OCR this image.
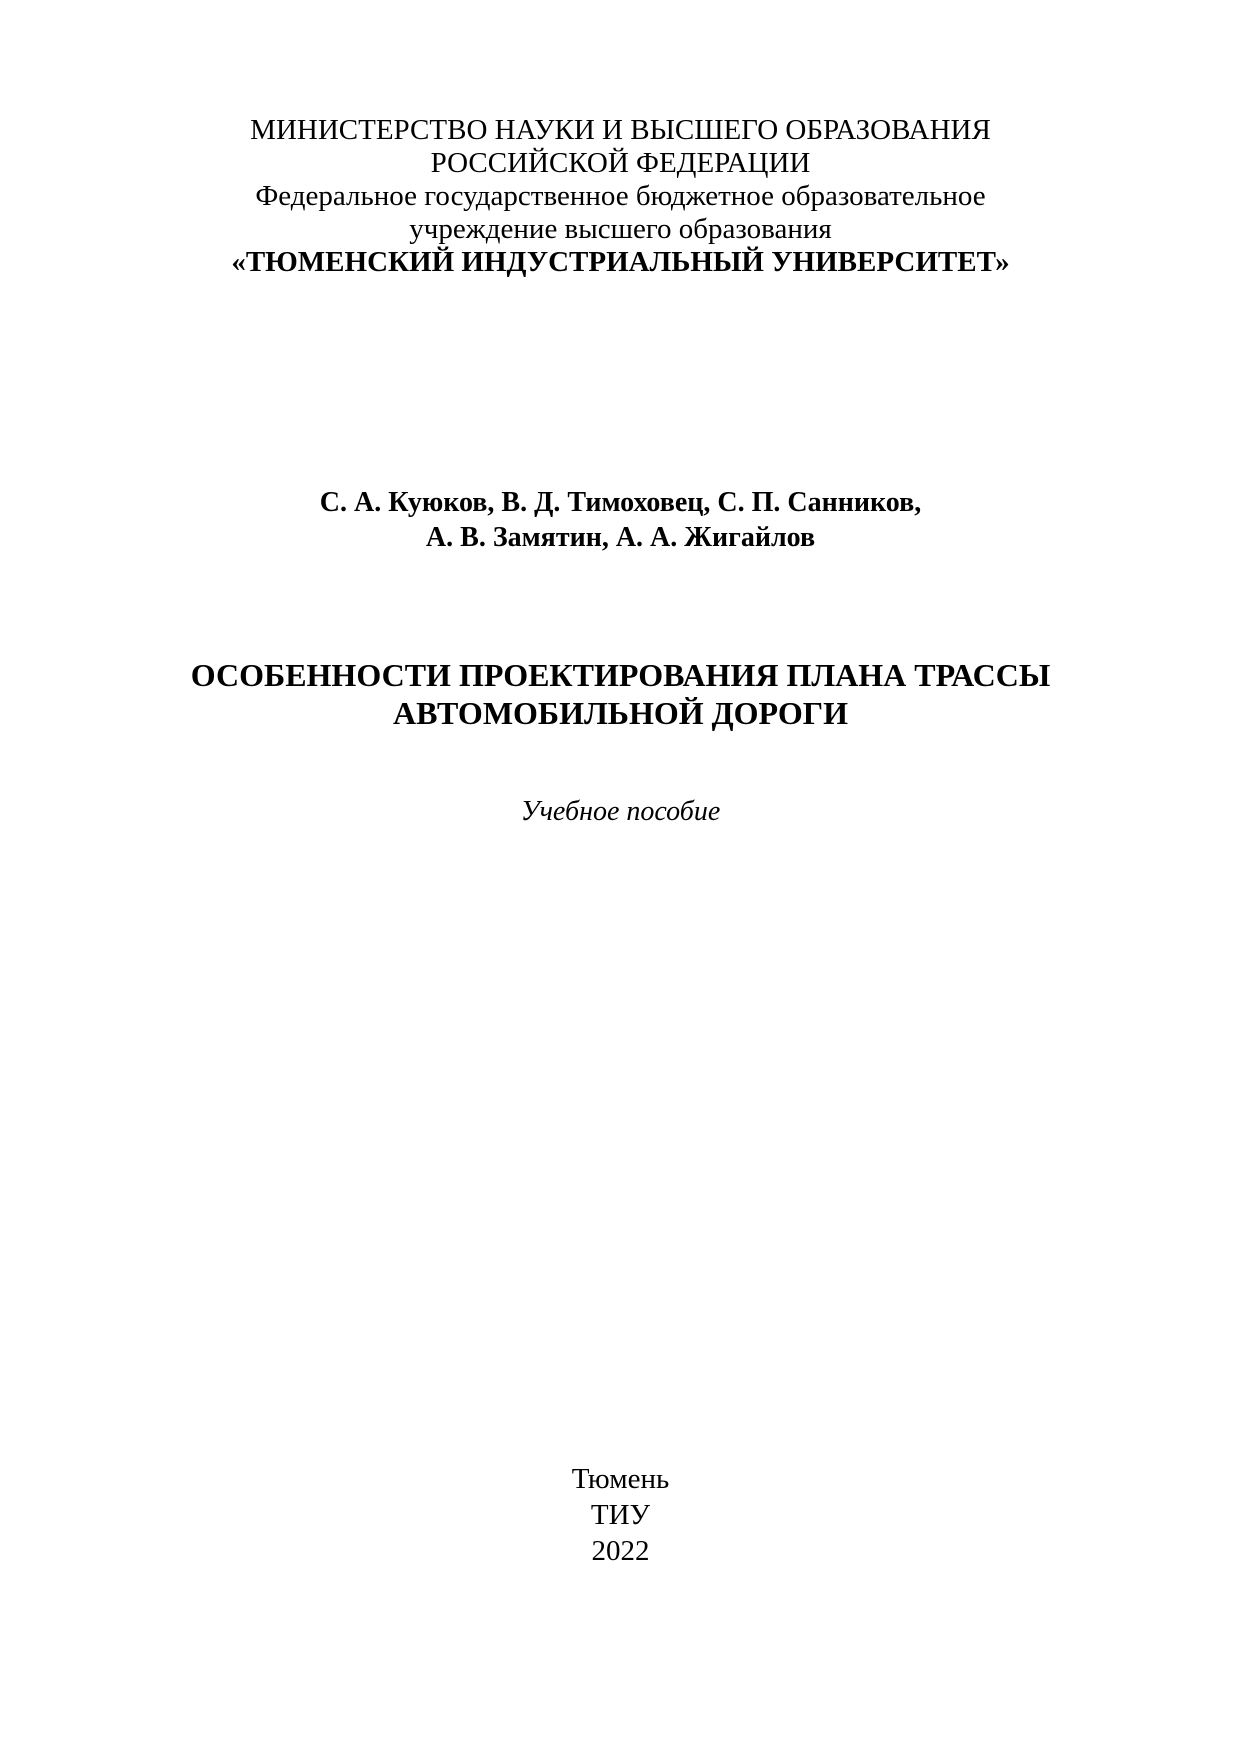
МИНИСТЕРСТВО НАУКИ И ВЫСШЕГО ОБРАЗОВАНИЯ
РОССИЙСКОЙ ФЕДЕРАЦИИ
Федеральное государственное бюджетное образовательное
учреждение высшего образования
«ТЮМЕНСКИЙ ИНДУСТРИАЛЬНЫЙ УНИВЕРСИТЕТ»
С. А. Куюков, В. Д. Тимоховец, С. П. Санников,
А. В. Замятин, А. А. Жигайлов
ОСОБЕННОСТИ ПРОЕКТИРОВАНИЯ ПЛАНА ТРАССЫ
АВТОМОБИЛЬНОЙ ДОРОГИ
Учебное пособие
Тюмень
ТИУ
2022
